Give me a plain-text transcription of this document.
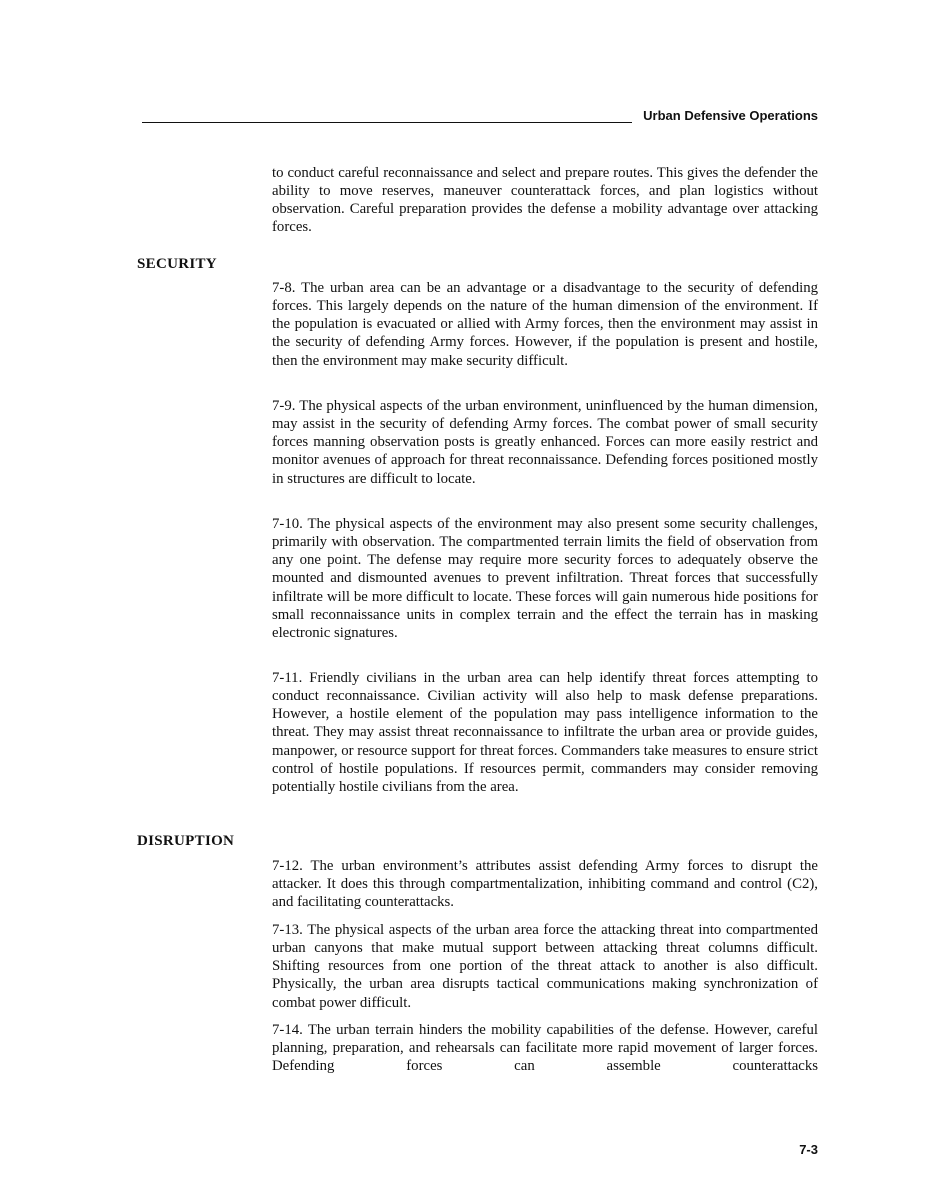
Urban Defensive Operations

to conduct careful reconnaissance and select and prepare routes. This gives the defender the ability to move reserves, maneuver counterattack forces, and plan logistics without observation. Careful preparation provides the defense a mobility advantage over attacking forces.

SECURITY

7-8. The urban area can be an advantage or a disadvantage to the security of defending forces. This largely depends on the nature of the human dimension of the environment. If the population is evacuated or allied with Army forces, then the environment may assist in the security of defending Army forces. However, if the population is present and hostile, then the environment may make security difficult.

7-9. The physical aspects of the urban environment, uninfluenced by the human dimension, may assist in the security of defending Army forces. The combat power of small security forces manning observation posts is greatly enhanced. Forces can more easily restrict and monitor avenues of approach for threat reconnaissance. Defending forces positioned mostly in structures are difficult to locate.

7-10. The physical aspects of the environment may also present some security challenges, primarily with observation. The compartmented terrain limits the field of observation from any one point. The defense may require more security forces to adequately observe the mounted and dismounted avenues to prevent infiltration. Threat forces that successfully infiltrate will be more difficult to locate. These forces will gain numerous hide positions for small reconnaissance units in complex terrain and the effect the terrain has in masking electronic signatures.

7-11. Friendly civilians in the urban area can help identify threat forces attempting to conduct reconnaissance. Civilian activity will also help to mask defense preparations. However, a hostile element of the population may pass intelligence information to the threat. They may assist threat reconnaissance to infiltrate the urban area or provide guides, manpower, or resource support for threat forces. Commanders take measures to ensure strict control of hostile populations. If resources permit, commanders may consider removing potentially hostile civilians from the area.

DISRUPTION

7-12. The urban environment’s attributes assist defending Army forces to disrupt the attacker. It does this through compartmentalization, inhibiting command and control (C2), and facilitating counterattacks.

7-13. The physical aspects of the urban area force the attacking threat into compartmented urban canyons that make mutual support between attacking threat columns difficult. Shifting resources from one portion of the threat attack to another is also difficult. Physically, the urban area disrupts tactical communications making synchronization of combat power difficult.

7-14. The urban terrain hinders the mobility capabilities of the defense. However, careful planning, preparation, and rehearsals can facilitate more rapid movement of larger forces. Defending forces can assemble counterattacks

7-3
